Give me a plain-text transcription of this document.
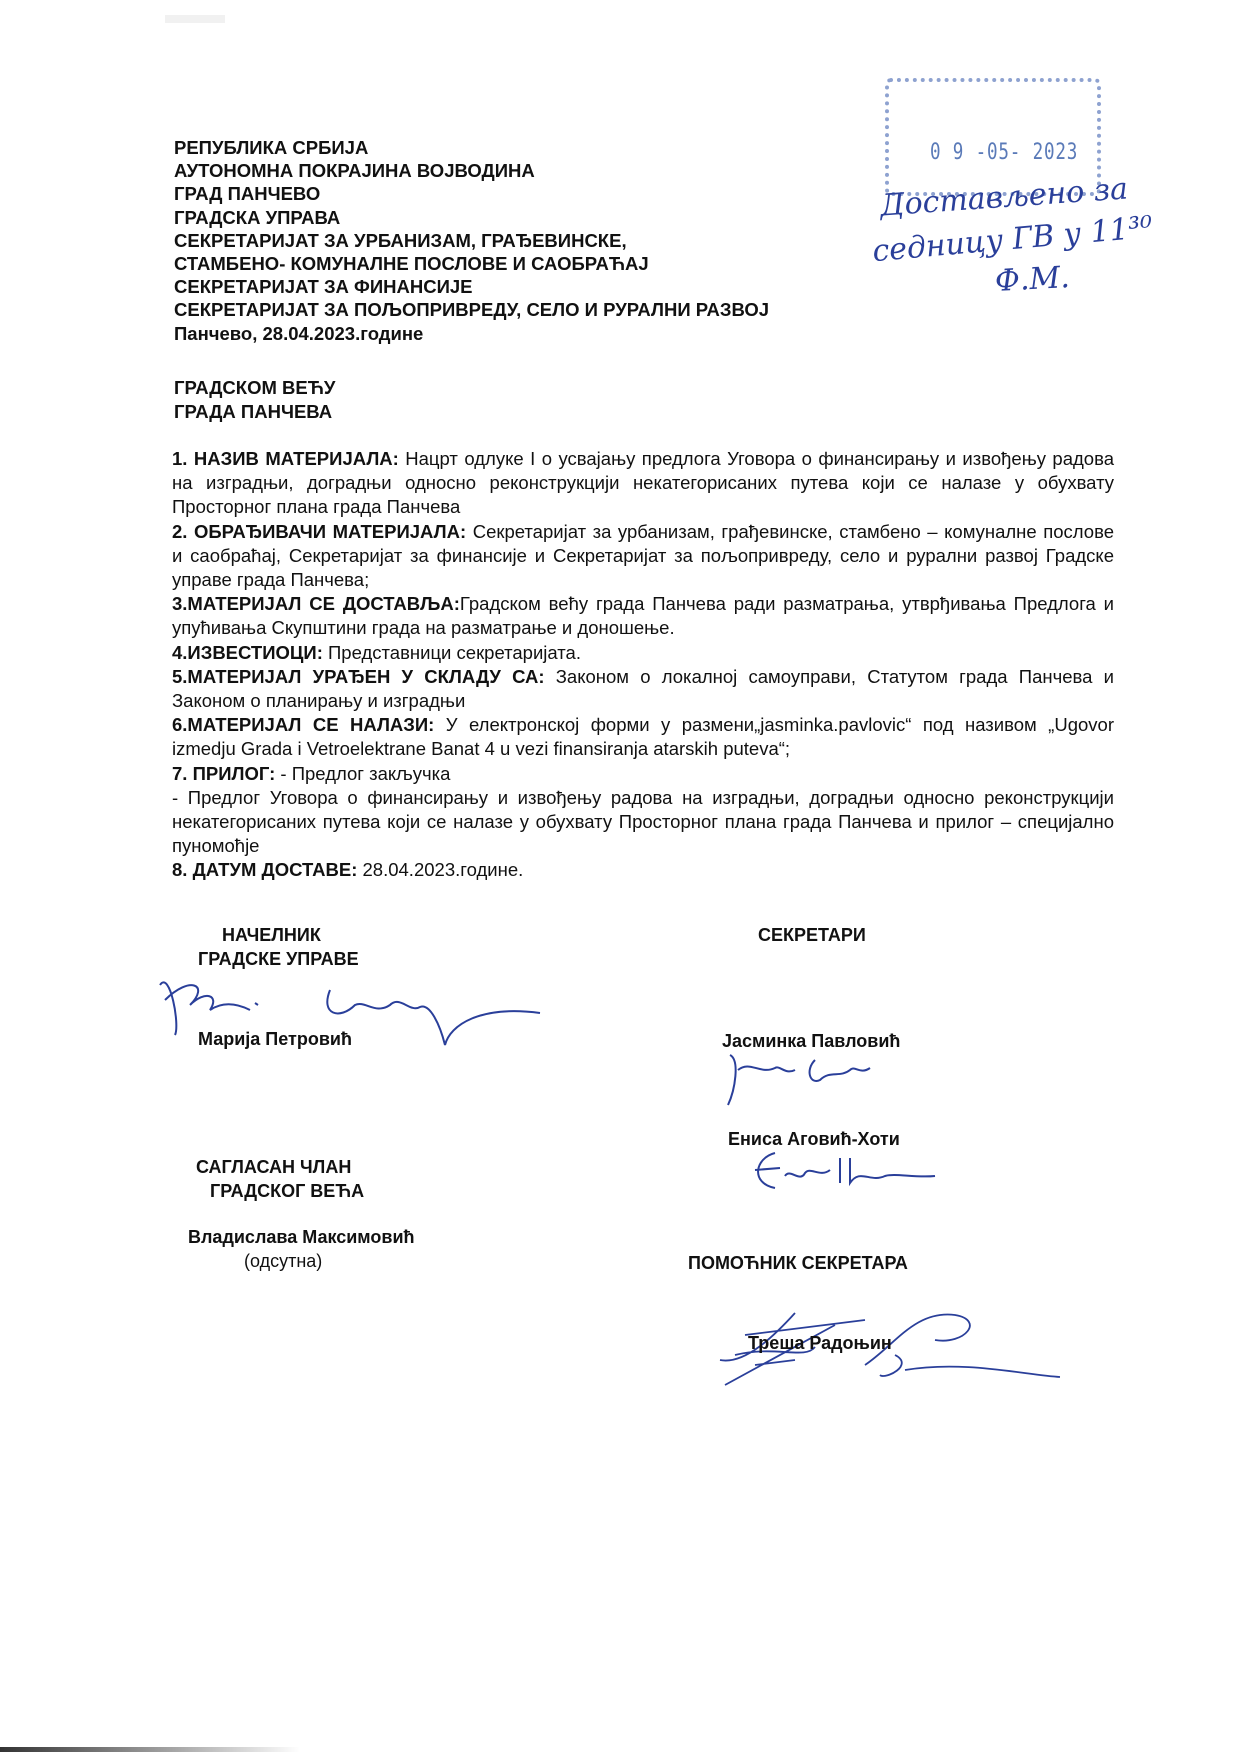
РЕПУБЛИКА СРБИЈА
АУТОНОМНА ПОКРАЈИНА ВОЈВОДИНА
ГРАД ПАНЧЕВО
ГРАДСКА УПРАВА
СЕКРЕТАРИЈАТ ЗА УРБАНИЗАМ, ГРАЂЕВИНСКЕ,
СТАМБЕНО- КОМУНАЛНЕ ПОСЛОВЕ И САОБРАЋАЈ
СЕКРЕТАРИЈАТ ЗА ФИНАНСИЈЕ
СЕКРЕТАРИЈАТ ЗА ПОЉОПРИВРЕДУ, СЕЛО И РУРАЛНИ РАЗВОЈ
Панчево, 28.04.2023.године
0 9 -05- 2023
Достављено за
седницу ГВ у 11³⁰
Ф.М.
ГРАДСКОМ ВЕЋУ
ГРАДА ПАНЧЕВА

1. НАЗИВ МАТЕРИЈАЛА: Нацрт одлуке I о усвајању предлога Уговора о финансирању и извођењу радова на изградњи, доградњи односно реконструкцији некатегорисаних путева који се налазе у обухвату Просторног плана града Панчева

2. ОБРАЂИВАЧИ МАТЕРИЈАЛА: Секретаријат за урбанизам, грађевинске, стамбено – комуналне послове и саобраћај, Секретаријат за финансије и Секретаријат за пољопривреду, село и рурални развој Градске управе града Панчева;

3.МАТЕРИЈАЛ СЕ ДОСТАВЉА:Градском већу града Панчева ради разматрања, утврђивања Предлога и упућивања Скупштини града на разматрање и доношење.

4.ИЗВЕСТИОЦИ: Представници секретаријата.

5.МАТЕРИЈАЛ УРАЂЕН У СКЛАДУ СА: Законом о локалној самоуправи, Статутом града Панчева и Законом о планирању и изградњи

6.МАТЕРИЈАЛ СЕ НАЛАЗИ: У електронској форми у размени„jasminka.pavlovic“ под називом „Ugovor izmedju Grada i Vetroelektrane Banat 4 u vezi finansiranja atarskih puteva“;

7. ПРИЛОГ: - Предлог закључка

- Предлог Уговора о финансирању и извођењу радова на изградњи, доградњи односно реконструкцији некатегорисаних путева који се налазе у обухвату Просторног плана града Панчева и прилог – специјално пуномоћје

8. ДАТУМ ДОСТАВЕ: 28.04.2023.године.

НАЧЕЛНИК
ГРАДСКЕ УПРАВЕ
Марија Петровић
СЕКРЕТАРИ
Јасминка Павловић
Ениса Аговић-Хоти
САГЛАСАН ЧЛАН
ГРАДСКОГ ВЕЋА
Владислава Максимовић
(одсутна)	ПОМОЋНИК СЕКРЕТАРА
Треша Радоњин
